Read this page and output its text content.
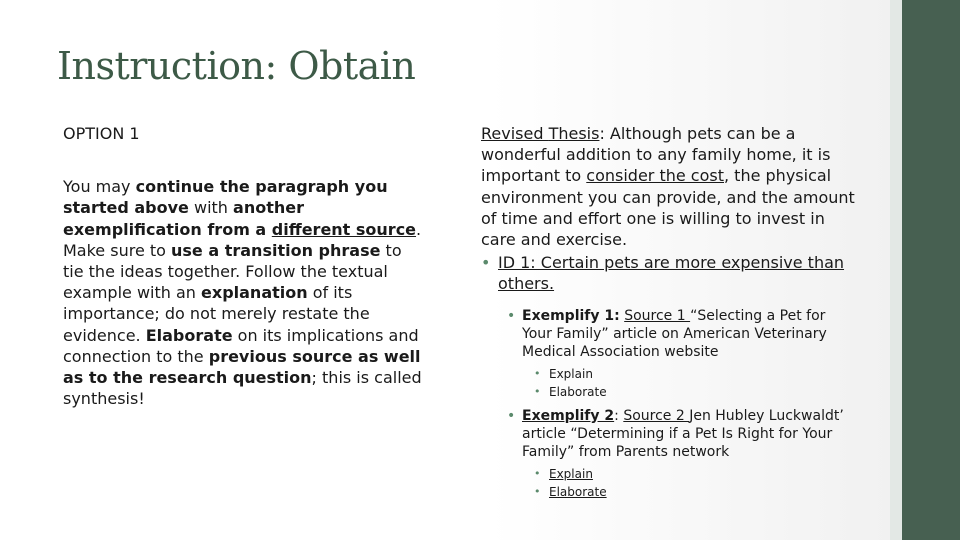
Instruction: Obtain

OPTION 1

You may continue the paragraph you started above with another exemplification from a different source. Make sure to use a transition phrase to tie the ideas together. Follow the textual example with an explanation of its importance; do not merely restate the evidence. Elaborate on its implications and connection to the previous source as well as to the research question; this is called synthesis!

Revised Thesis: Although pets can be a wonderful addition to any family home, it is important to consider the cost, the physical environment you can provide, and the amount of time and effort one is willing to invest in care and exercise.
• ID 1: Certain pets are more expensive than others.
• Exemplify 1: Source 1 “Selecting a Pet for Your Family” article on American Veterinary Medical Association website
• Explain
• Elaborate
• Exemplify 2: Source 2 Jen Hubley Luckwaldt’ article “Determining if a Pet Is Right for Your Family” from Parents network
• Explain
• Elaborate
